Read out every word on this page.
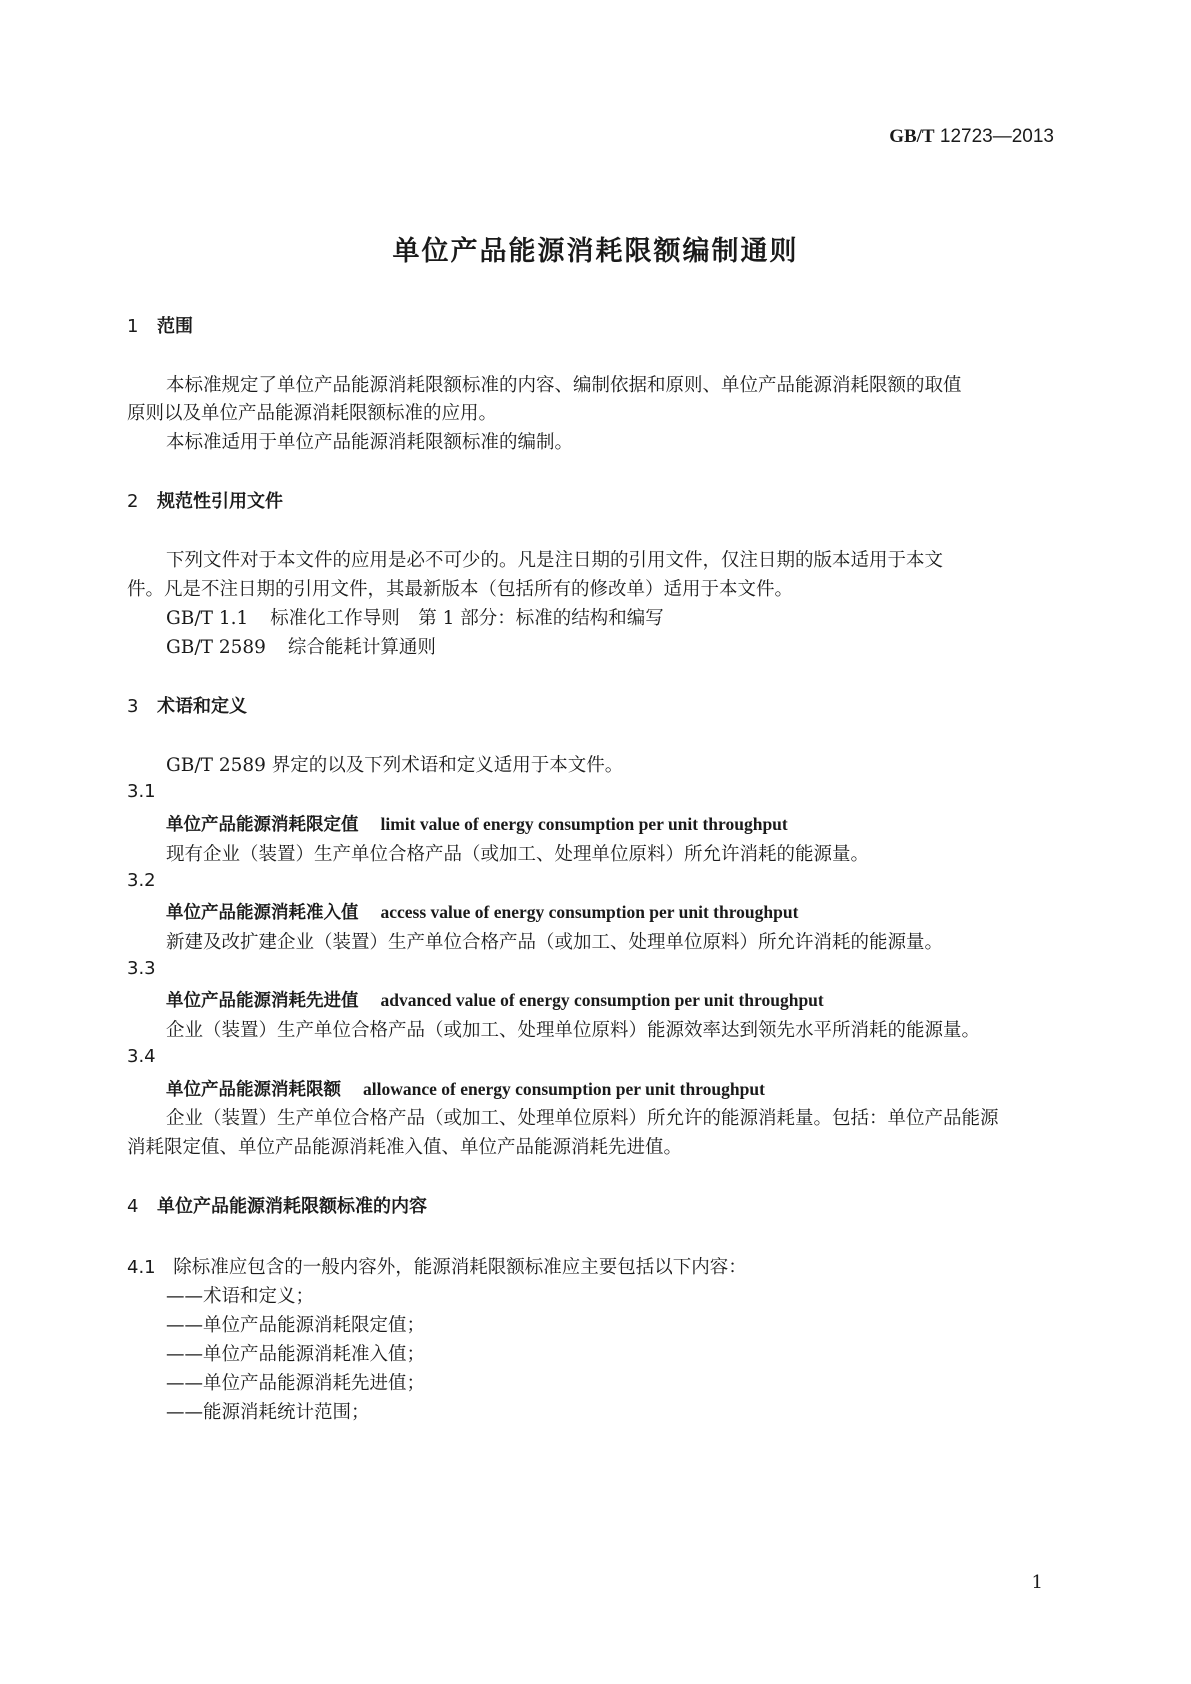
GB/T 12723—2013
单位产品能源消耗限额编制通则
1 范围
本标准规定了单位产品能源消耗限额标准的内容、编制依据和原则、单位产品能源消耗限额的取值
原则以及单位产品能源消耗限额标准的应用。
本标准适用于单位产品能源消耗限额标准的编制。
2 规范性引用文件
下列文件对于本文件的应用是必不可少的。凡是注日期的引用文件，仅注日期的版本适用于本文
件。凡是不注日期的引用文件，其最新版本（包括所有的修改单）适用于本文件。
GB/T 1.1 标准化工作导则　第 1 部分：标准的结构和编写
GB/T 2589 综合能耗计算通则
3 术语和定义
GB/T 2589 界定的以及下列术语和定义适用于本文件。
3.1
单位产品能源消耗限定值 limit value of energy consumption per unit throughput
现有企业（装置）生产单位合格产品（或加工、处理单位原料）所允许消耗的能源量。
3.2
单位产品能源消耗准入值 access value of energy consumption per unit throughput
新建及改扩建企业（装置）生产单位合格产品（或加工、处理单位原料）所允许消耗的能源量。
3.3
单位产品能源消耗先进值 advanced value of energy consumption per unit throughput
企业（装置）生产单位合格产品（或加工、处理单位原料）能源效率达到领先水平所消耗的能源量。
3.4
单位产品能源消耗限额 allowance of energy consumption per unit throughput
企业（装置）生产单位合格产品（或加工、处理单位原料）所允许的能源消耗量。包括：单位产品能源
消耗限定值、单位产品能源消耗准入值、单位产品能源消耗先进值。
4 单位产品能源消耗限额标准的内容
4.1 除标准应包含的一般内容外，能源消耗限额标准应主要包括以下内容：
——术语和定义；
——单位产品能源消耗限定值；
——单位产品能源消耗准入值；
——单位产品能源消耗先进值；
——能源消耗统计范围；
1
